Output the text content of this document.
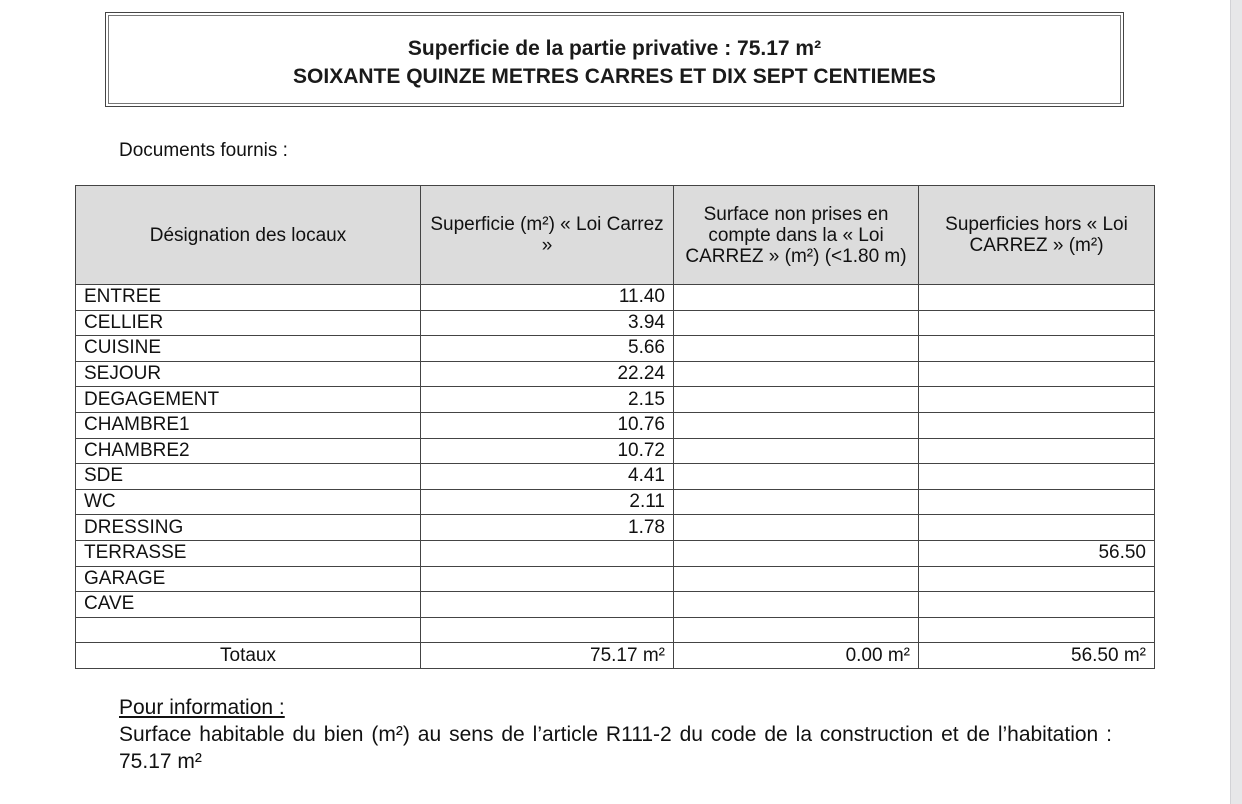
Superficie de la partie privative : 75.17 m²
SOIXANTE QUINZE METRES CARRES ET DIX SEPT CENTIEMES
Documents fournis :
Désignation des locaux	Superficie (m²) « Loi Carrez »	Surface non prises en compte dans la « Loi CARREZ » (m²) (<1.80 m)	Superficies hors « Loi CARREZ » (m²)
ENTREE	11.40		
CELLIER	3.94		
CUISINE	5.66		
SEJOUR	22.24		
DEGAGEMENT	2.15		
CHAMBRE1	10.76		
CHAMBRE2	10.72		
SDE	4.41		
WC	2.11		
DRESSING	1.78		
TERRASSE			56.50
GARAGE			
CAVE			

Totaux	75.17 m²	0.00 m²	56.50 m²
Pour information :
Surface habitable du bien (m²) au sens de l’article R111-2 du code de la construction et de l’habitation : 75.17 m²
